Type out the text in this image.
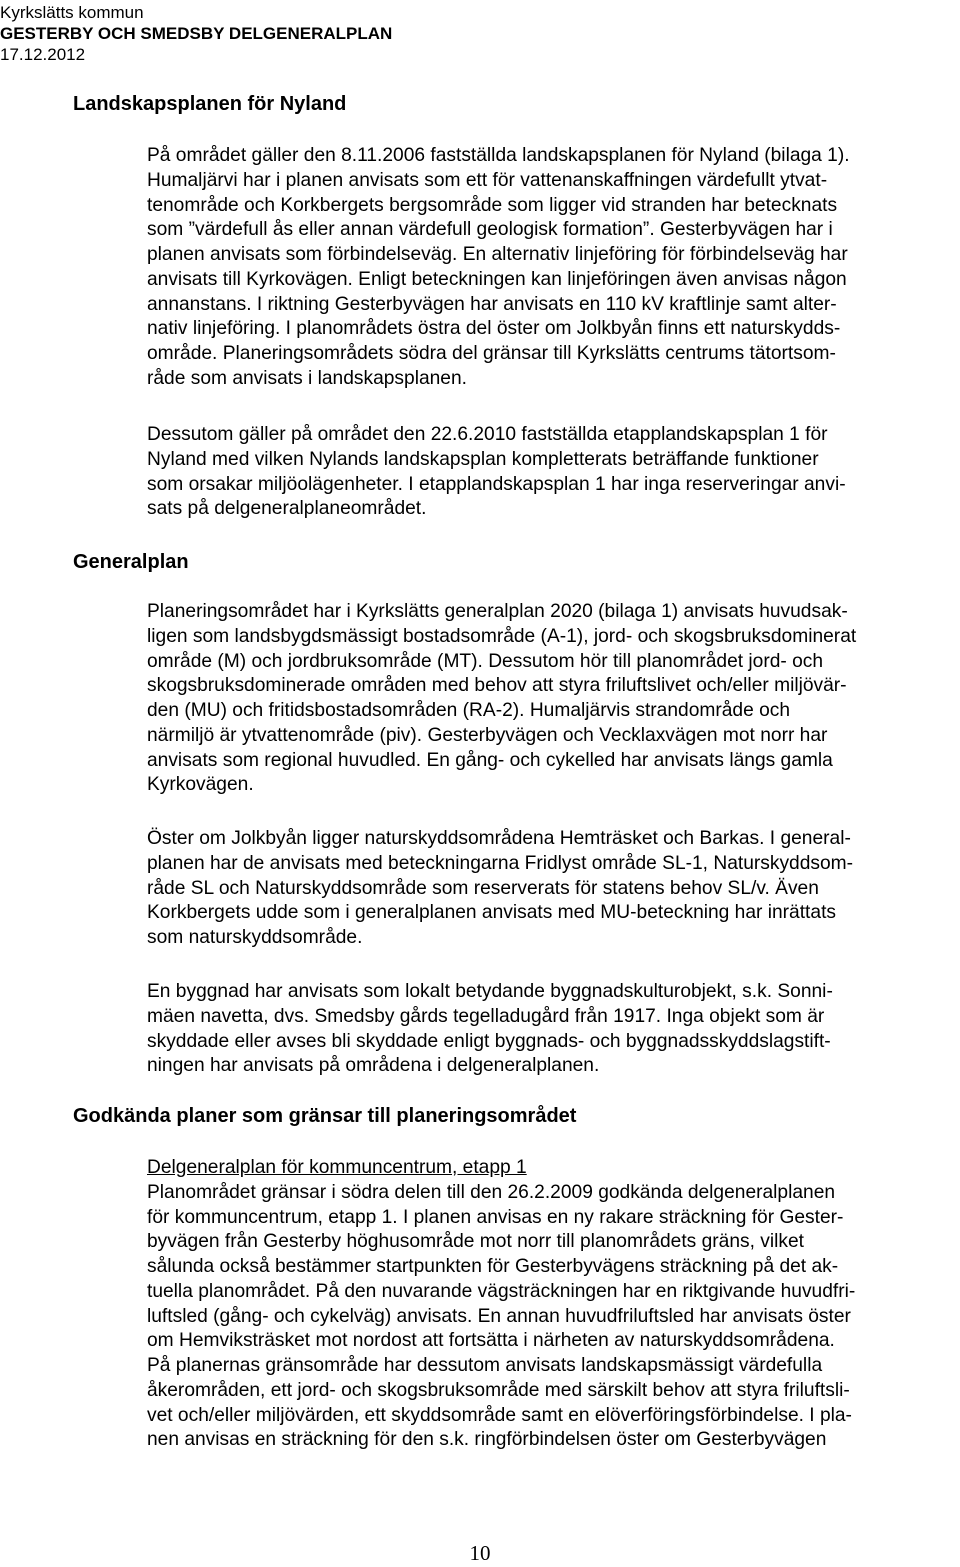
Kyrkslätts kommun
GESTERBY OCH SMEDSBY DELGENERALPLAN
17.12.2012
Landskapsplanen för Nyland
På området gäller den 8.11.2006 fastställda landskapsplanen för Nyland (bilaga 1).
Humaljärvi har i planen anvisats som ett för vattenanskaffningen värdefullt ytvat-
tenområde och Korkbergets bergsområde som ligger vid stranden har betecknats
som ”värdefull ås eller annan värdefull geologisk formation”. Gesterbyvägen har i
planen anvisats som förbindelseväg. En alternativ linjeföring för förbindelseväg har
anvisats till Kyrkovägen. Enligt beteckningen kan linjeföringen även anvisas någon
annanstans. I riktning Gesterbyvägen har anvisats en 110 kV kraftlinje samt alter-
nativ linjeföring. I planområdets östra del öster om Jolkbyån finns ett naturskydds-
område. Planeringsområdets södra del gränsar till Kyrkslätts centrums tätortsom-
råde som anvisats i landskapsplanen.
Dessutom gäller på området den 22.6.2010 fastställda etapplandskapsplan 1 för
Nyland med vilken Nylands landskapsplan kompletterats beträffande funktioner
som orsakar miljöolägenheter. I etapplandskapsplan 1 har inga reserveringar anvi-
sats på delgeneralplaneområdet.
Generalplan
Planeringsområdet har i Kyrkslätts generalplan 2020 (bilaga 1) anvisats huvudsak-
ligen som landsbygdsmässigt bostadsområde (A-1), jord- och skogsbruksdominerat
område (M) och jordbruksområde (MT). Dessutom hör till planområdet jord- och
skogsbruksdominerade områden med behov att styra friluftslivet och/eller miljövär-
den (MU) och fritidsbostadsområden (RA-2). Humaljärvis strandområde och
närmiljö är ytvattenområde (piv). Gesterbyvägen och Vecklaxvägen mot norr har
anvisats som regional huvudled. En gång- och cykelled har anvisats längs gamla
Kyrkovägen.
Öster om Jolkbyån ligger naturskyddsområdena Hemträsket och Barkas. I general-
planen har de anvisats med beteckningarna Fridlyst område SL-1, Naturskyddsom-
råde SL och Naturskyddsområde som reserverats för statens behov SL/v. Även
Korkbergets udde som i generalplanen anvisats med MU-beteckning har inrättats
som naturskyddsområde.
En byggnad har anvisats som lokalt betydande byggnadskulturobjekt, s.k. Sonni-
mäen navetta, dvs. Smedsby gårds tegelladugård från 1917. Inga objekt som är
skyddade eller avses bli skyddade enligt byggnads- och byggnadsskyddslagstift-
ningen har anvisats på områdena i delgeneralplanen.
Godkända planer som gränsar till planeringsområdet
Delgeneralplan för kommuncentrum, etapp 1
Planområdet gränsar i södra delen till den 26.2.2009 godkända delgeneralplanen
för kommuncentrum, etapp 1. I planen anvisas en ny rakare sträckning för Gester-
byvägen från Gesterby höghusområde mot norr till planområdets gräns, vilket
sålunda också bestämmer startpunkten för Gesterbyvägens sträckning på det ak-
tuella planområdet. På den nuvarande vägsträckningen har en riktgivande huvudfri-
luftsled (gång- och cykelväg) anvisats. En annan huvudfriluftsled har anvisats öster
om Hemviksträsket mot nordost att fortsätta i närheten av naturskyddsområdena.
På planernas gränsområde har dessutom anvisats landskapsmässigt värdefulla
åkerområden, ett jord- och skogsbruksområde med särskilt behov att styra friluftsli-
vet och/eller miljövärden, ett skyddsområde samt en elöverföringsförbindelse. I pla-
nen anvisas en sträckning för den s.k. ringförbindelsen öster om Gesterbyvägen
10
